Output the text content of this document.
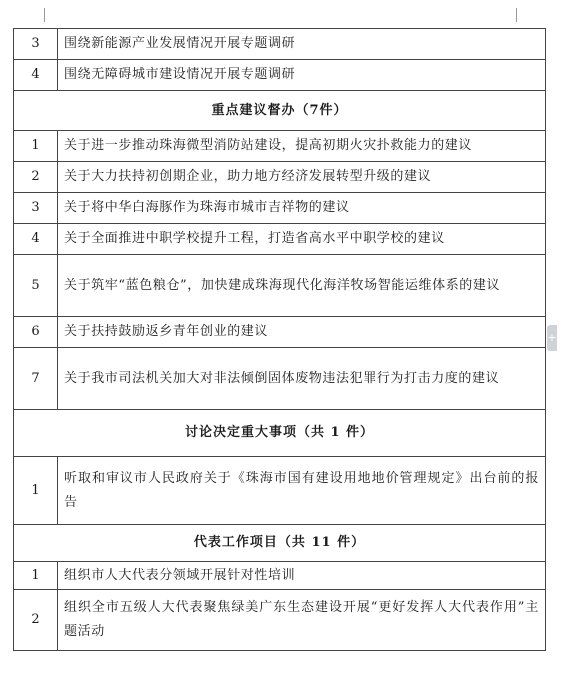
3	围绕新能源产业发展情况开展专题调研
4	围绕无障碍城市建设情况开展专题调研
重点建议督办（7件）	
1	关于进一步推动珠海微型消防站建设，提高初期火灾扑救能力的建议
2	关于大力扶持初创期企业，助力地方经济发展转型升级的建议
3	关于将中华白海豚作为珠海市城市吉祥物的建议
4	关于全面推进中职学校提升工程，打造省高水平中职学校的建议
5	关于筑牢“蓝色粮仓”，加快建成珠海现代化海洋牧场智能运维体系的建议
6	关于扶持鼓励返乡青年创业的建议
7	关于我市司法机关加大对非法倾倒固体废物违法犯罪行为打击力度的建议
讨论决定重大事项（共 1 件）	
1	听取和审议市人民政府关于《珠海市国有建设用地地价管理规定》出台前的报告
代表工作项目（共 11 件）	
1	组织市人大代表分领域开展针对性培训
2	组织全市五级人大代表聚焦绿美广东生态建设开展“更好发挥人大代表作用”主题活动
+
